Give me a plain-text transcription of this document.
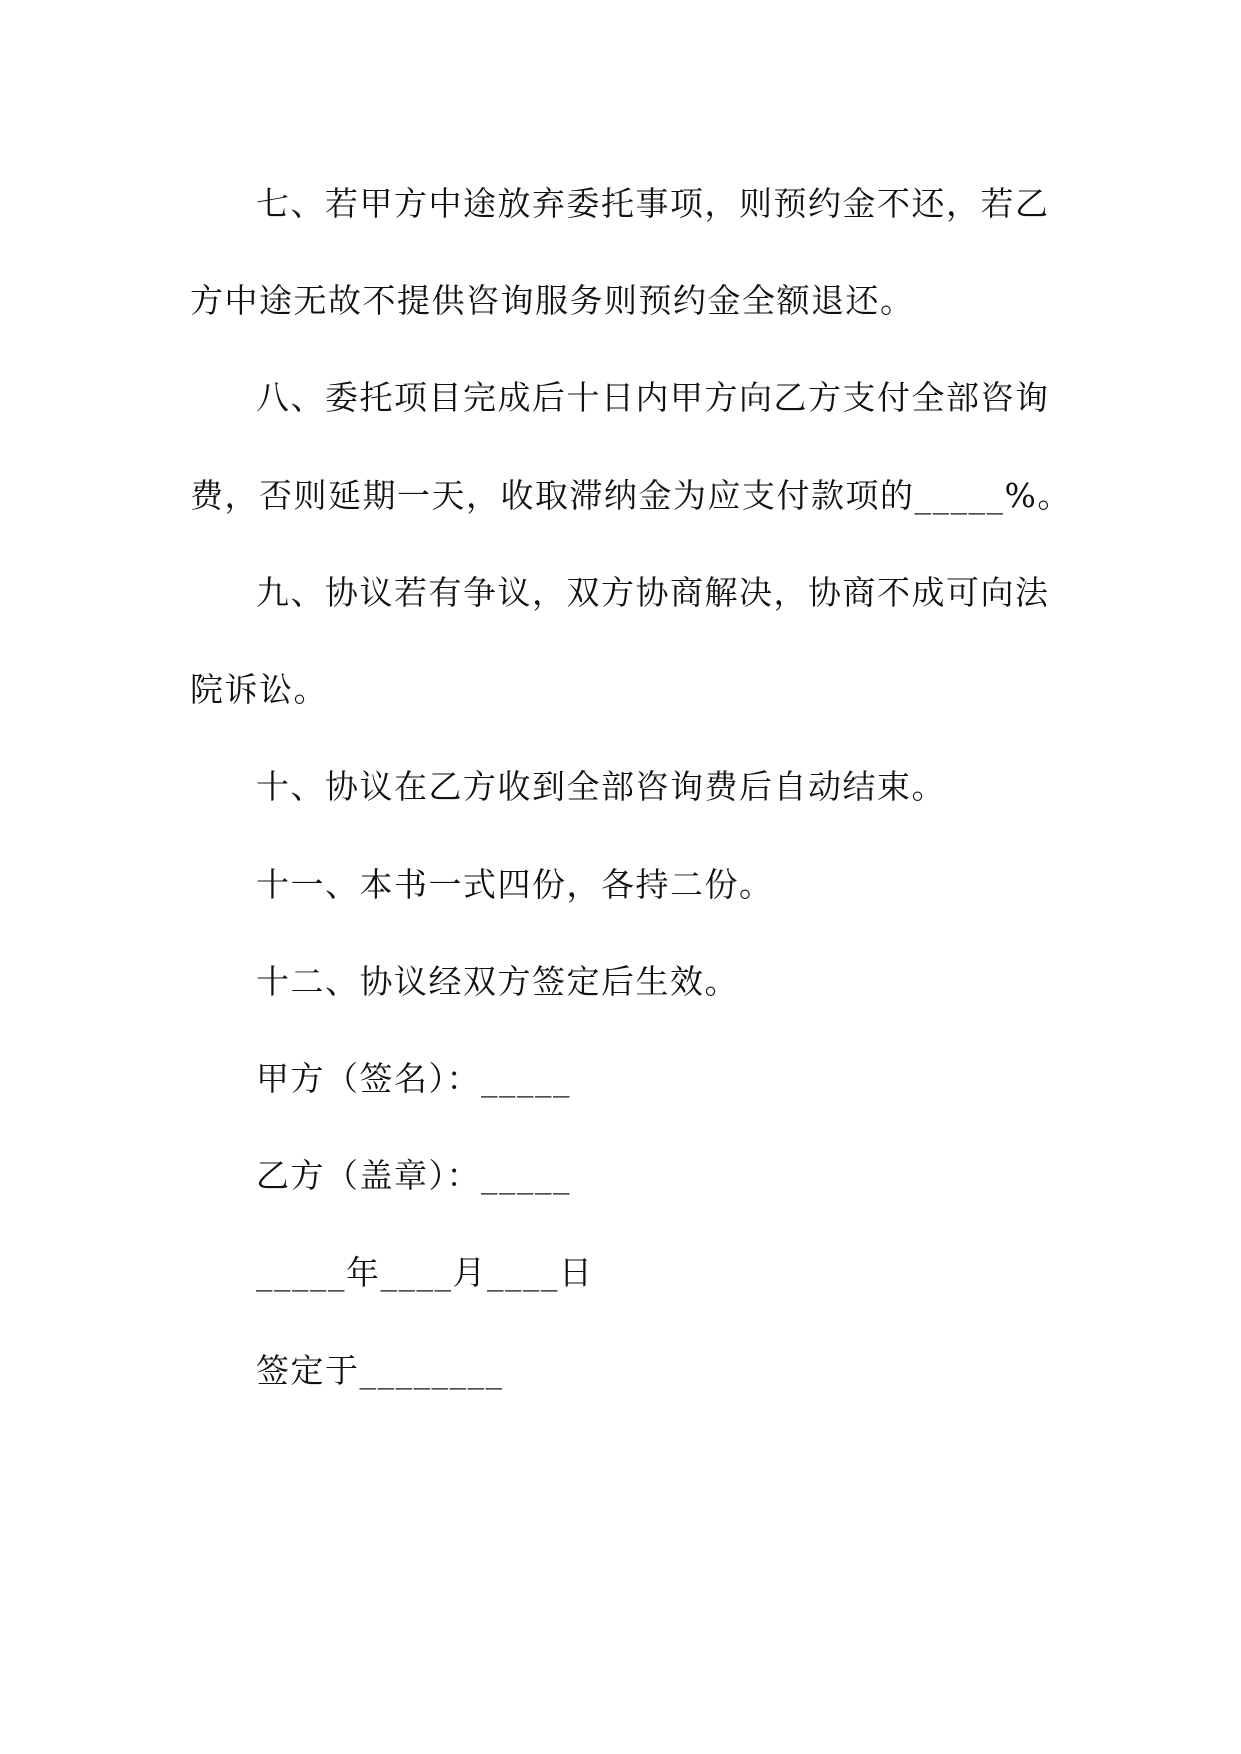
七、若甲方中途放弃委托事项，则预约金不还，若乙
方中途无故不提供咨询服务则预约金全额退还。
八、委托项目完成后十日内甲方向乙方支付全部咨询
费，否则延期一天，收取滞纳金为应支付款项的_____%。
九、协议若有争议，双方协商解决，协商不成可向法
院诉讼。
十、协议在乙方收到全部咨询费后自动结束。
十一、本书一式四份，各持二份。
十二、协议经双方签定后生效。
甲方（签名）：_____
乙方（盖章）：_____
_____年____月____日
签定于________
